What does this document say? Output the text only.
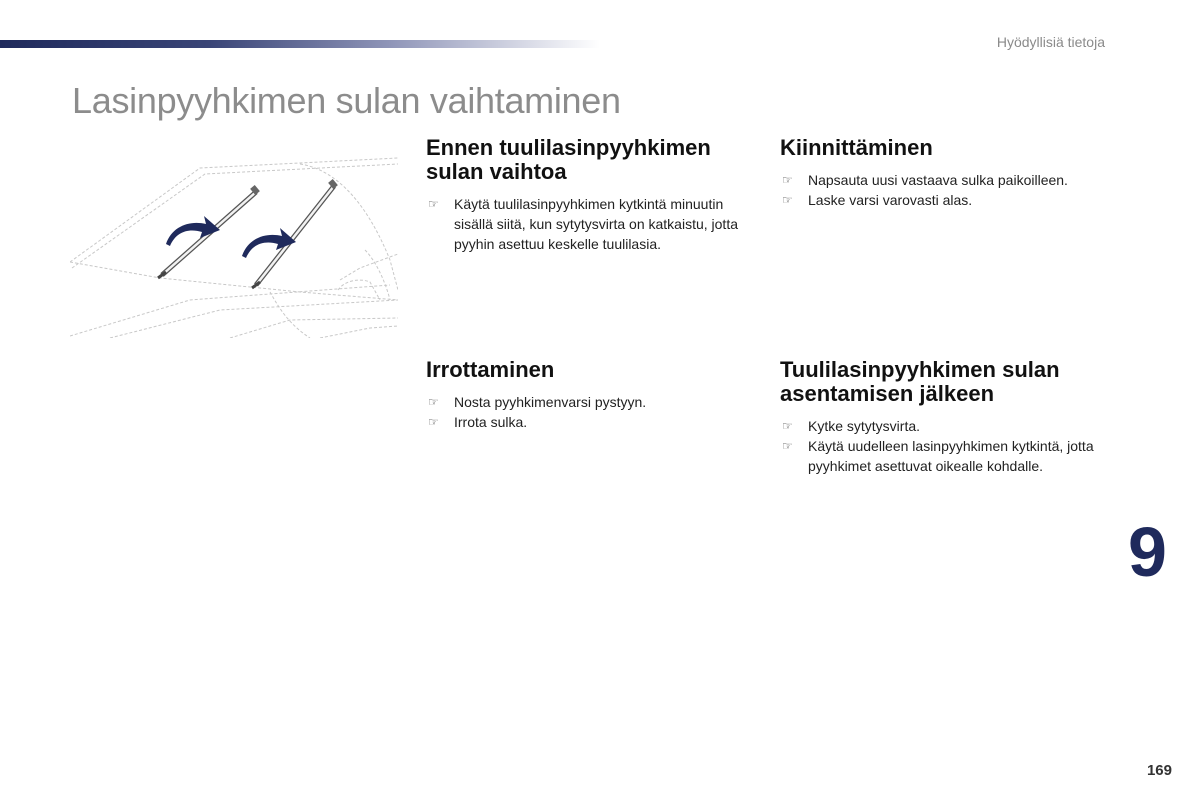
Hyödyllisiä tietoja
Lasinpyyhkimen sulan vaihtaminen
Ennen tuulilasinpyyhkimen sulan vaihtoa
☞ Käytä tuulilasinpyyhkimen kytkintä minuutin sisällä siitä, kun sytytysvirta on katkaistu, jotta pyyhin asettuu keskelle tuulilasia.
Kiinnittäminen
☞ Napsauta uusi vastaava sulka paikoilleen.
☞ Laske varsi varovasti alas.
Irrottaminen
☞ Nosta pyyhkimenvarsi pystyyn.
☞ Irrota sulka.
Tuulilasinpyyhkimen sulan asentamisen jälkeen
☞ Kytke sytytysvirta.
☞ Käytä uudelleen lasinpyyhkimen kytkintä, jotta pyyhkimet asettuvat oikealle kohdalle.
9
169
